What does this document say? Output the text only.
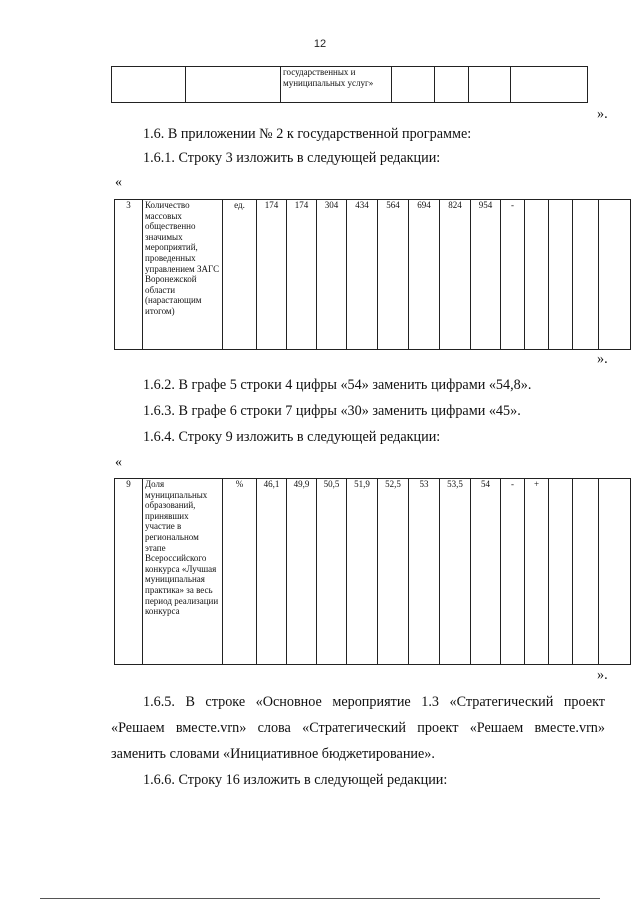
12
		государственных и муниципальных услуг»				
».
1.6. В приложении № 2 к государственной программе:
1.6.1. Строку 3 изложить в следующей редакции:
«
3	Количество массовых общественно значимых мероприятий, проведенных управлением ЗАГС Воронежской области (нарастающим итогом)	ед.	174	174	304	434	564	694	824	954	-				
».
1.6.2. В графе 5 строки 4 цифры «54» заменить цифрами «54,8».
1.6.3. В графе 6 строки 7 цифры «30» заменить цифрами «45».
1.6.4. Строку 9 изложить в следующей редакции:
«
9	Доля муниципальных образований, принявших участие в региональном этапе Всероссийского конкурса «Лучшая муниципальная практика» за весь период реализации конкурса	%	46,1	49,9	50,5	51,9	52,5	53	53,5	54	-	+			
».
1.6.5. В строке «Основное мероприятие 1.3 «Стратегический проект
«Решаем вместе.vrn» слова «Стратегический проект «Решаем вместе.vrn»
заменить словами «Инициативное бюджетирование».
1.6.6. Строку 16 изложить в следующей редакции:
